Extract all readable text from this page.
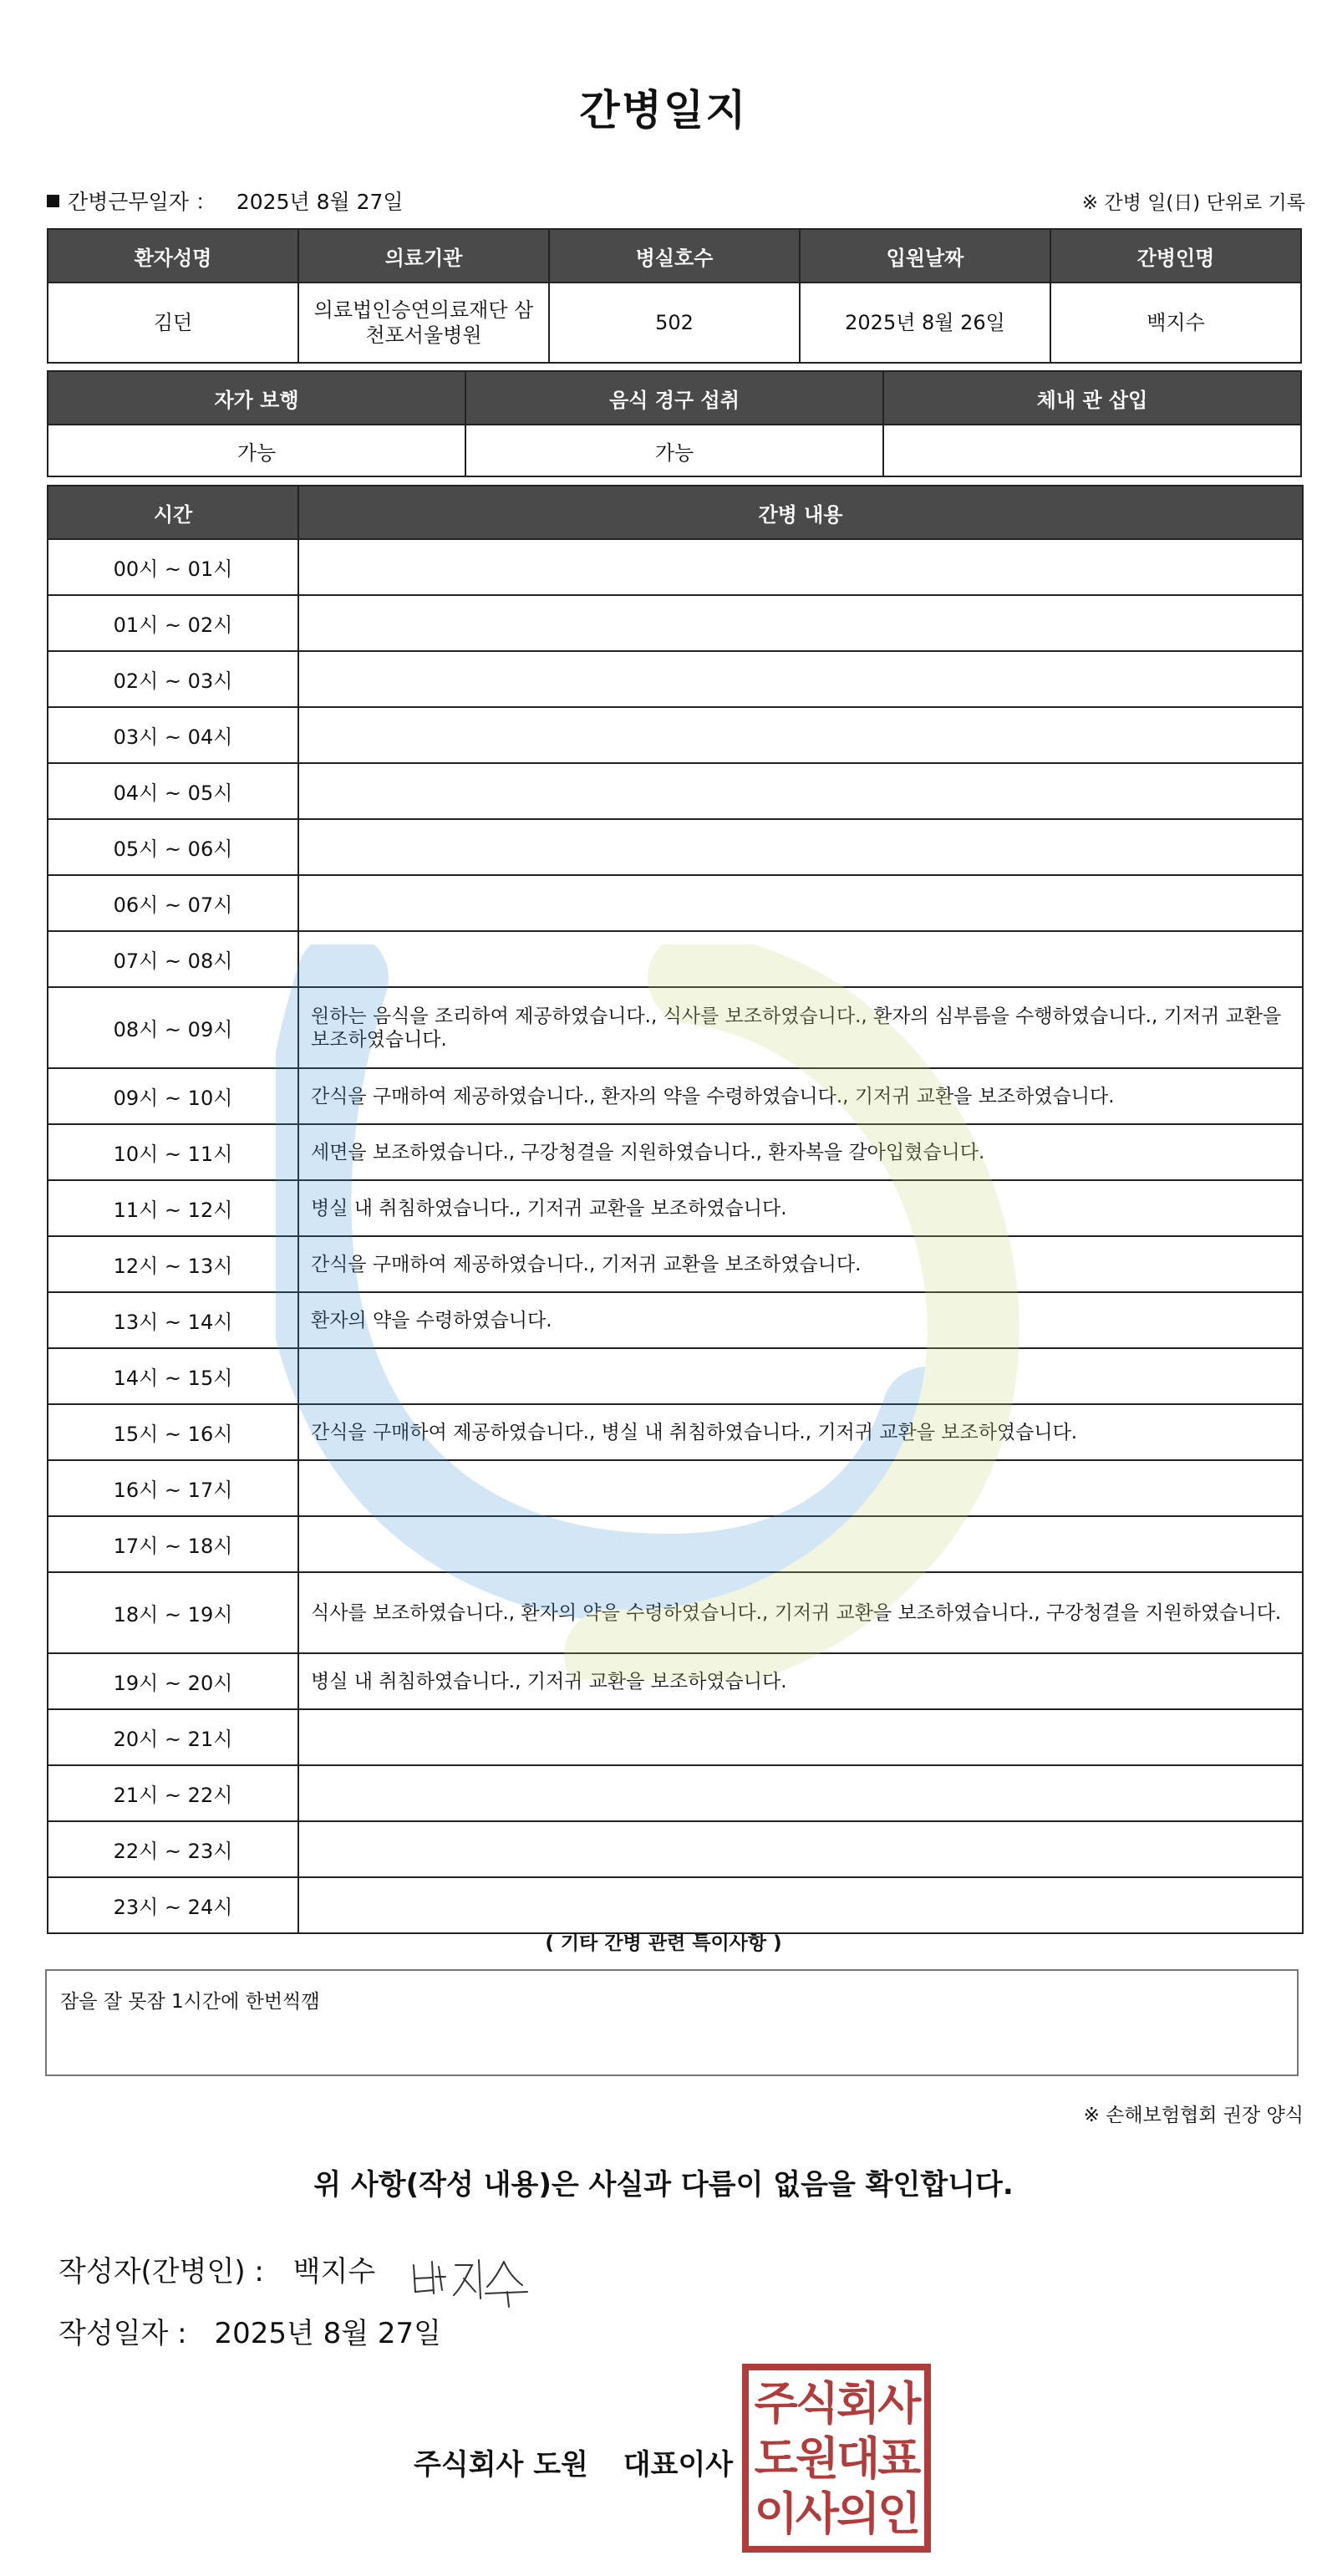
간병일지
간병근무일자 ： 2025년 8월 27일	※ 간병 일(日) 단위로 기록
환자성명	의료기관	병실호수	입원날짜	간병인명
김던	의료법인승연의료재단 삼천포서울병원	502	2025년 8월 26일	백지수
자가 보행	음식 경구 섭취	체내 관 삽입
가능	가능	
시간	간병 내용
00시 ~ 01시	
01시 ~ 02시	
02시 ~ 03시	
03시 ~ 04시	
04시 ~ 05시	
05시 ~ 06시	
06시 ~ 07시	
07시 ~ 08시	
08시 ~ 09시	원하는 음식을 조리하여 제공하였습니다., 식사를 보조하였습니다., 환자의 심부름을 수행하였습니다., 기저귀 교환을 보조하였습니다.
09시 ~ 10시	간식을 구매하여 제공하였습니다., 환자의 약을 수령하였습니다., 기저귀 교환을 보조하였습니다.
10시 ~ 11시	세면을 보조하였습니다., 구강청결을 지원하였습니다., 환자복을 갈아입혔습니다.
11시 ~ 12시	병실 내 취침하였습니다., 기저귀 교환을 보조하였습니다.
12시 ~ 13시	간식을 구매하여 제공하였습니다., 기저귀 교환을 보조하였습니다.
13시 ~ 14시	환자의 약을 수령하였습니다.
14시 ~ 15시	
15시 ~ 16시	간식을 구매하여 제공하였습니다., 병실 내 취침하였습니다., 기저귀 교환을 보조하였습니다.
16시 ~ 17시	
17시 ~ 18시	
18시 ~ 19시	식사를 보조하였습니다., 환자의 약을 수령하였습니다., 기저귀 교환을 보조하였습니다., 구강청결을 지원하였습니다.
19시 ~ 20시	병실 내 취침하였습니다., 기저귀 교환을 보조하였습니다.
20시 ~ 21시	
21시 ~ 22시	
22시 ~ 23시	
23시 ~ 24시	
( 기타 간병 관련 특이사항 )
잠을 잘 못잠 1시간에 한번씩깸
※ 손해보험협회 권장 양식
위 사항(작성 내용)은 사실과 다름이 없음을 확인합니다.
작성자(간병인) : 백지수
작성일자 : 2025년 8월 27일
주식회사 도원 대표이사
주식회사
도원대표
이사의인
